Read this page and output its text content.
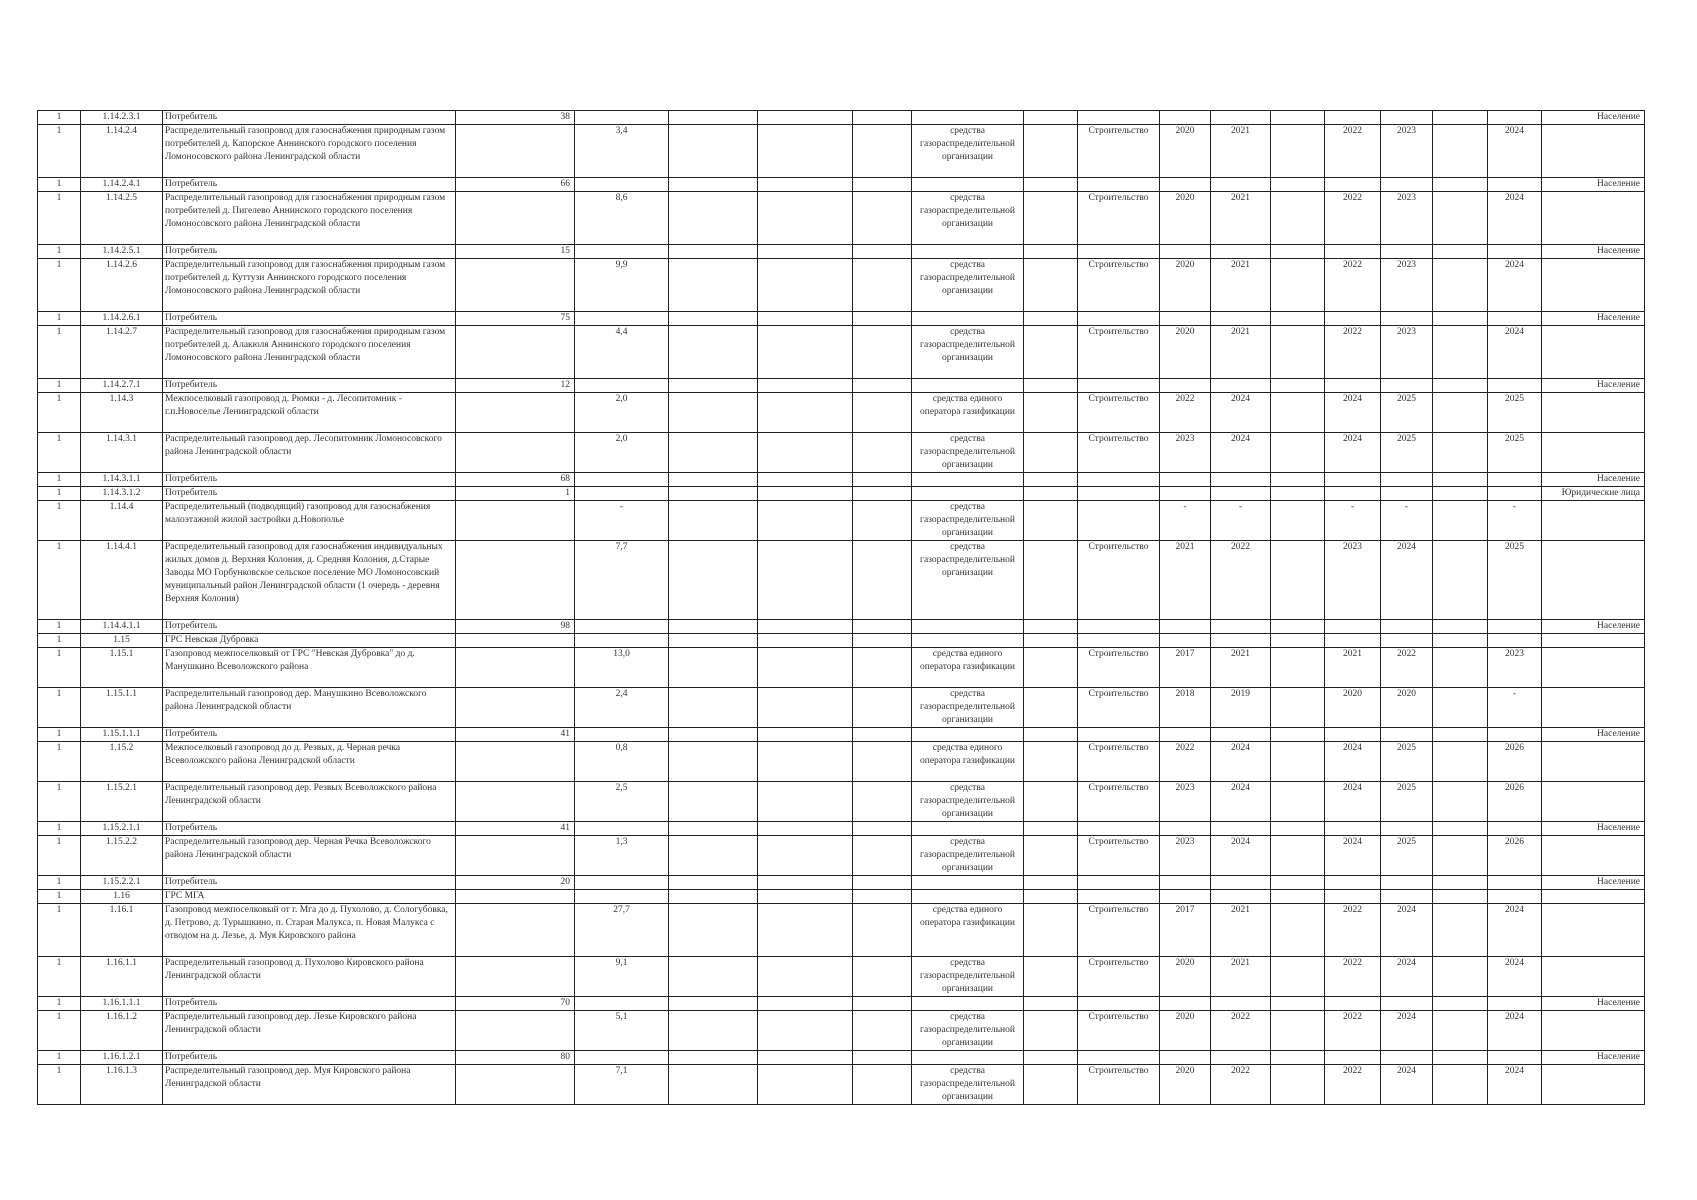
1	1.14.2.3.1	Потребитель	38															Население
1	1.14.2.4	Распределительный газопровод для газоснабжения природным газом потребителей д. Капорское Аннинского городского поселения Ломоносовского района Ленинградской области		3,4				средства газораспределительной организации		Строительство	2020	2021		2022	2023		2024	
1	1.14.2.4.1	Потребитель	66															Население
1	1.14.2.5	Распределительный газопровод для газоснабжения природным газом потребителей д. Пигелево Аннинского городского поселения Ломоносовского района Ленинградской области		8,6				средства газораспределительной организации		Строительство	2020	2021		2022	2023		2024	
1	1.14.2.5.1	Потребитель	15															Население
1	1.14.2.6	Распределительный газопровод для газоснабжения природным газом потребителей д. Куттузи Аннинского городского поселения Ломоносовского района Ленинградской области		9,9				средства газораспределительной организации		Строительство	2020	2021		2022	2023		2024	
1	1.14.2.6.1	Потребитель	75															Население
1	1.14.2.7	Распределительный газопровод для газоснабжения природным газом потребителей д. Алакюля Аннинского городского поселения Ломоносовского района Ленинградской области		4,4				средства газораспределительной организации		Строительство	2020	2021		2022	2023		2024	
1	1.14.2.7.1	Потребитель	12															Население
1	1.14.3	Межпоселковый газопровод д. Рюмки - д. Лесопитомник - г.п.Новоселье Ленинградской области		2,0				средства единого оператора газификации		Строительство	2022	2024		2024	2025		2025	
1	1.14.3.1	Распределительный газопровод дер. Лесопитомник Ломоносовского района Ленинградской области		2,0				средства газораспределительной организации		Строительство	2023	2024		2024	2025		2025	
1	1.14.3.1.1	Потребитель	68															Население
1	1.14.3.1.2	Потребитель	1															Юридические лица
1	1.14.4	Распределительный (подводящий) газопровод для газоснабжения малоэтажной жилой застройки д.Новополье		-				средства газораспределительной организации			-	-		-	-		-	
1	1.14.4.1	Распределительный газопровод для газоснабжения индивидуальных жилых домов д. Верхняя Колония, д. Средняя Колония, д.Старые Заводы МО Горбунковское сельское поселение МО Ломоносовский муниципальный район Ленинградской области (1 очередь - деревня Верхняя Колония)		7,7				средства газораспределительной организации		Строительство	2021	2022		2023	2024		2025	
1	1.14.4.1.1	Потребитель	98															Население
1	1.15	ГРС Невская Дубровка																
1	1.15.1	Газопровод межпоселковый от ГРС "Невская Дубровка" до д. Манушкино Всеволожского района		13,0				средства единого оператора газификации		Строительство	2017	2021		2021	2022		2023	
1	1.15.1.1	Распределительный газопровод дер. Манушкино Всеволожского района Ленинградской области		2,4				средства газораспределительной организации		Строительство	2018	2019		2020	2020		-	
1	1.15.1.1.1	Потребитель	41															Население
1	1.15.2	Межпоселковый газопровод до д. Резвых, д. Черная речка Всеволожского района Ленинградской области		0,8				средства единого оператора газификации		Строительство	2022	2024		2024	2025		2026	
1	1.15.2.1	Распределительный газопровод дер. Резвых Всеволожского района Ленинградской области		2,5				средства газораспределительной организации		Строительство	2023	2024		2024	2025		2026	
1	1.15.2.1.1	Потребитель	41															Население
1	1.15.2.2	Распределительный газопровод дер. Черная Речка Всеволожского района Ленинградской области		1,3				средства газораспределительной организации		Строительство	2023	2024		2024	2025		2026	
1	1.15.2.2.1	Потребитель	20															Население
1	1.16	ГРС МГА																
1	1.16.1	Газопровод межпоселковый от г. Мга до д. Пухолово, д. Сологубовка, д. Петрово, д. Турышкино, п. Старая Малукса, п. Новая Малукса с отводом на д. Лезье, д. Муя Кировского района		27,7				средства единого оператора газификации		Строительство	2017	2021		2022	2024		2024	
1	1.16.1.1	Распределительный газопровод д. Пухолово Кировского района Ленинградской области		9,1				средства газораспределительной организации		Строительство	2020	2021		2022	2024		2024	
1	1.16.1.1.1	Потребитель	70															Население
1	1.16.1.2	Распределительный газопровод дер. Лезье Кировского района Ленинградской области		5,1				средства газораспределительной организации		Строительство	2020	2022		2022	2024		2024	
1	1.16.1.2.1	Потребитель	80															Население
1	1.16.1.3	Распределительный газопровод дер. Муя Кировского района Ленинградской области		7,1				средства газораспределительной организации		Строительство	2020	2022		2022	2024		2024	
